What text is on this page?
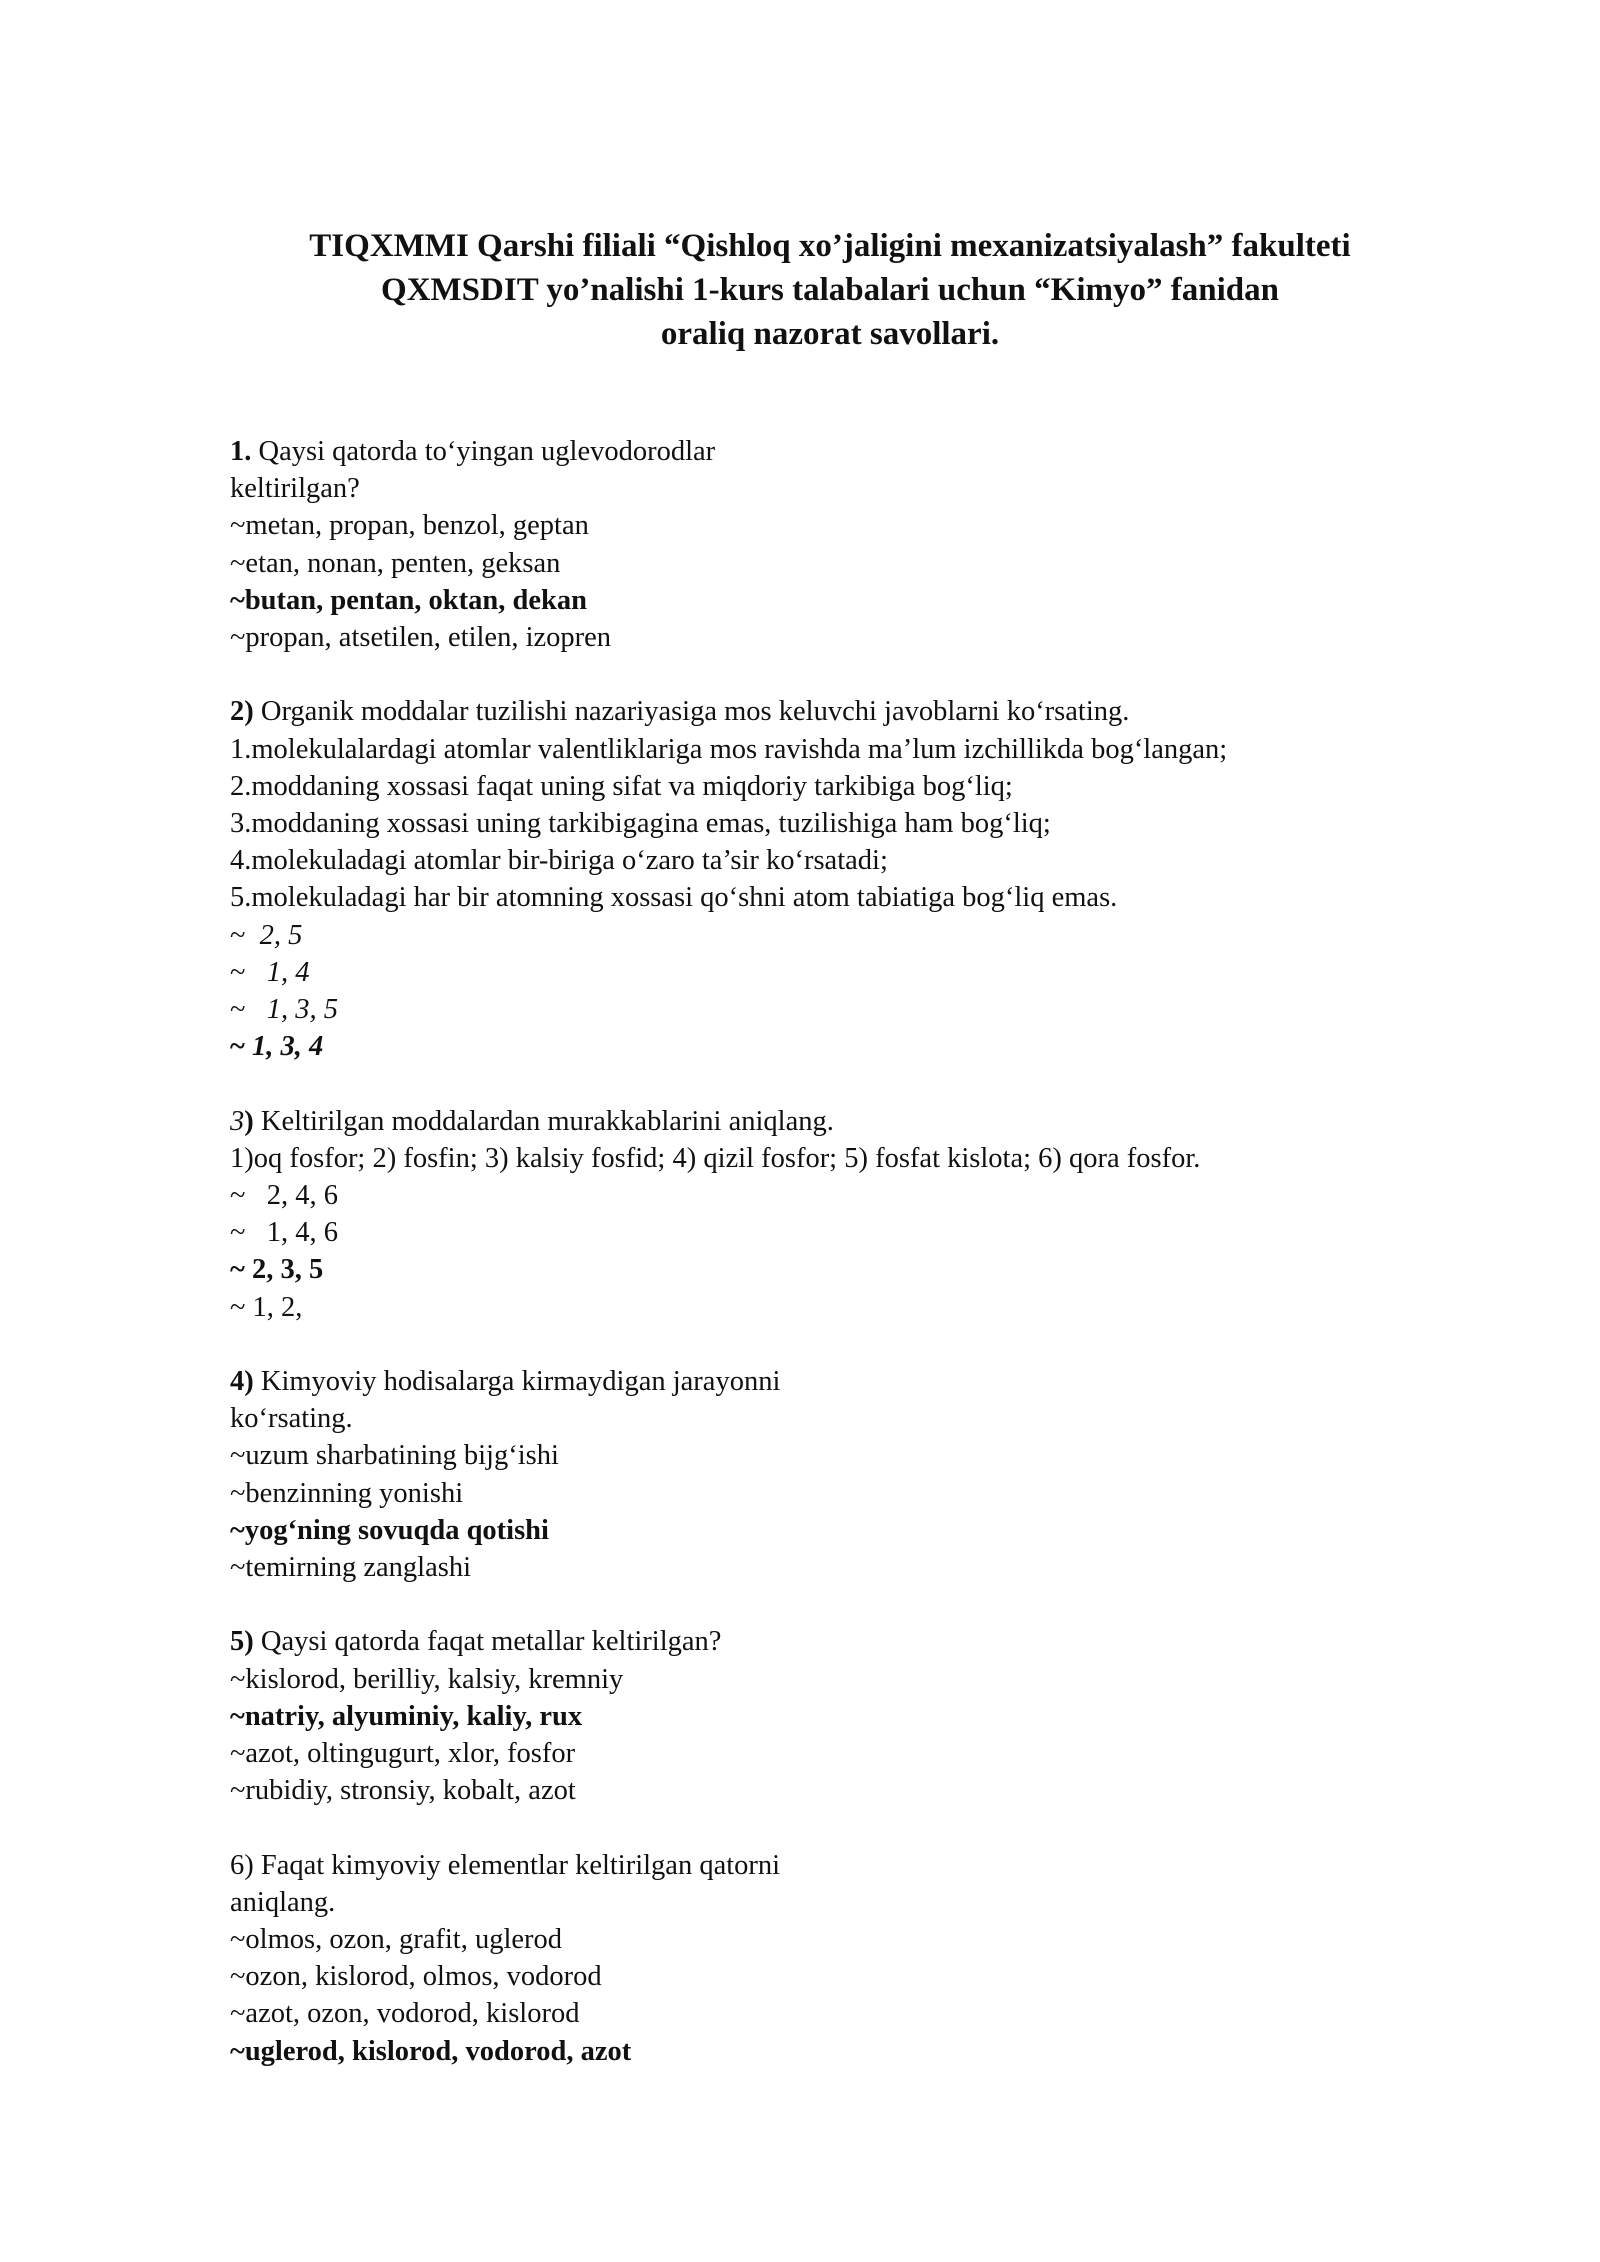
TIQXMMI Qarshi filiali “Qishloq xo’jaligini mexanizatsiyalash” fakulteti
QXMSDIT yo’nalishi 1-kurs talabalari uchun “Kimyo” fanidan
oraliq nazorat savollari.
1. Qaysi qatorda to‘yingan uglevodorodlar
keltirilgan?
~metan, propan, benzol, geptan
~etan, nonan, penten, geksan
~butan, pentan, oktan, dekan
~propan, atsetilen, etilen, izopren
2) Organik moddalar tuzilishi nazariyasiga mos keluvchi javoblarni ko‘rsating.
1.molekulalardagi atomlar valentliklariga mos ravishda ma’lum izchillikda bog‘langan;
2.moddaning xossasi faqat uning sifat va miqdoriy tarkibiga bog‘liq;
3.moddaning xossasi uning tarkibigagina emas, tuzilishiga ham bog‘liq;
4.molekuladagi atomlar bir-biriga o‘zaro ta’sir ko‘rsatadi;
5.molekuladagi har bir atomning xossasi qo‘shni atom tabiatiga bog‘liq emas.
~  2, 5
~   1, 4
~   1, 3, 5
~ 1, 3, 4
3) Keltirilgan moddalardan murakkablarini aniqlang.
1)oq fosfor; 2) fosfin; 3) kalsiy fosfid; 4) qizil fosfor; 5) fosfat kislota; 6) qora fosfor.
~   2, 4, 6
~   1, 4, 6
~ 2, 3, 5
~ 1, 2,
4) Kimyoviy hodisalarga kirmaydigan jarayonni
ko‘rsating.
~uzum sharbatining bijg‘ishi
~benzinning yonishi
~yog‘ning sovuqda qotishi
~temirning zanglashi
5) Qaysi qatorda faqat metallar keltirilgan?
~kislorod, berilliy, kalsiy, kremniy
~natriy, alyuminiy, kaliy, rux
~azot, oltingugurt, xlor, fosfor
~rubidiy, stronsiy, kobalt, azot
6) Faqat kimyoviy elementlar keltirilgan qatorni
aniqlang.
~olmos, ozon, grafit, uglerod
~ozon, kislorod, olmos, vodorod
~azot, ozon, vodorod, kislorod
~uglerod, kislorod, vodorod, azot
